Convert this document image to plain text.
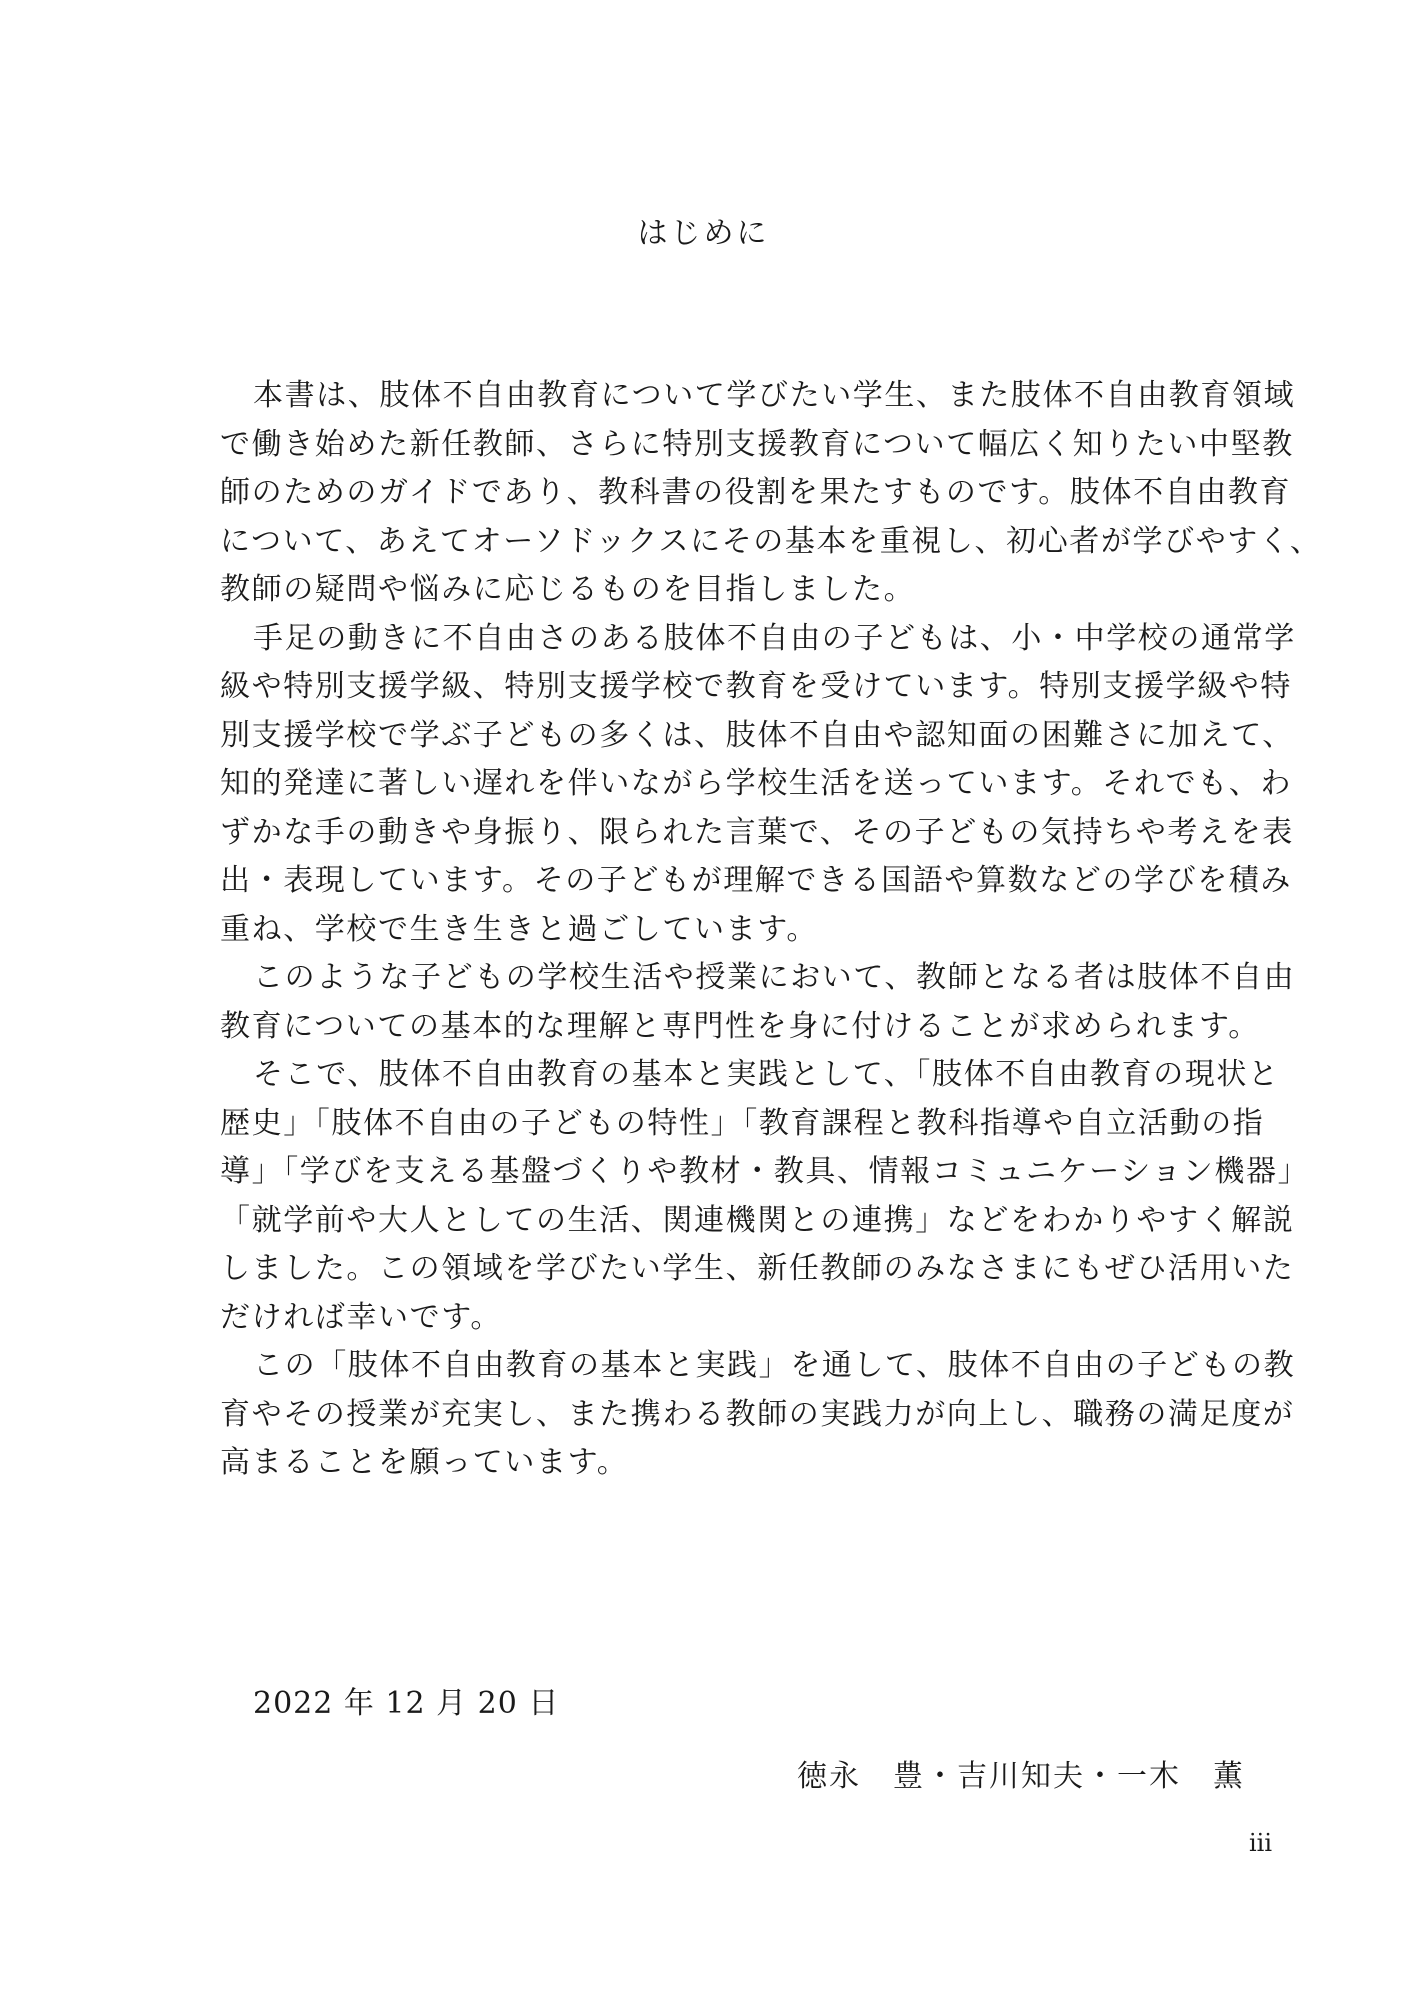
はじめに
本書は、肢体不自由教育について学びたい学生、また肢体不自由教育領域
で働き始めた新任教師、さらに特別支援教育について幅広く知りたい中堅教
師のためのガイドであり、教科書の役割を果たすものです。肢体不自由教育
について、あえてオーソドックスにその基本を重視し、初心者が学びやすく、
教師の疑問や悩みに応じるものを目指しました。
手足の動きに不自由さのある肢体不自由の子どもは、小・中学校の通常学
級や特別支援学級、特別支援学校で教育を受けています。特別支援学級や特
別支援学校で学ぶ子どもの多くは、肢体不自由や認知面の困難さに加えて、
知的発達に著しい遅れを伴いながら学校生活を送っています。それでも、わ
ずかな手の動きや身振り、限られた言葉で、その子どもの気持ちや考えを表
出・表現しています。その子どもが理解できる国語や算数などの学びを積み
重ね、学校で生き生きと過ごしています。
このような子どもの学校生活や授業において、教師となる者は肢体不自由
教育についての基本的な理解と専門性を身に付けることが求められます。
そこで、肢体不自由教育の基本と実践として、「肢体不自由教育の現状と
歴史」「肢体不自由の子どもの特性」「教育課程と教科指導や自立活動の指
導」「学びを支える基盤づくりや教材・教具、情報コミュニケーション機器」
「就学前や大人としての生活、関連機関との連携」などをわかりやすく解説
しました。この領域を学びたい学生、新任教師のみなさまにもぜひ活用いた
だければ幸いです。
この「肢体不自由教育の基本と実践」を通して、肢体不自由の子どもの教
育やその授業が充実し、また携わる教師の実践力が向上し、職務の満足度が
高まることを願っています。
2022 年 12 月 20 日
徳永　豊・吉川知夫・一木　薫
iii
